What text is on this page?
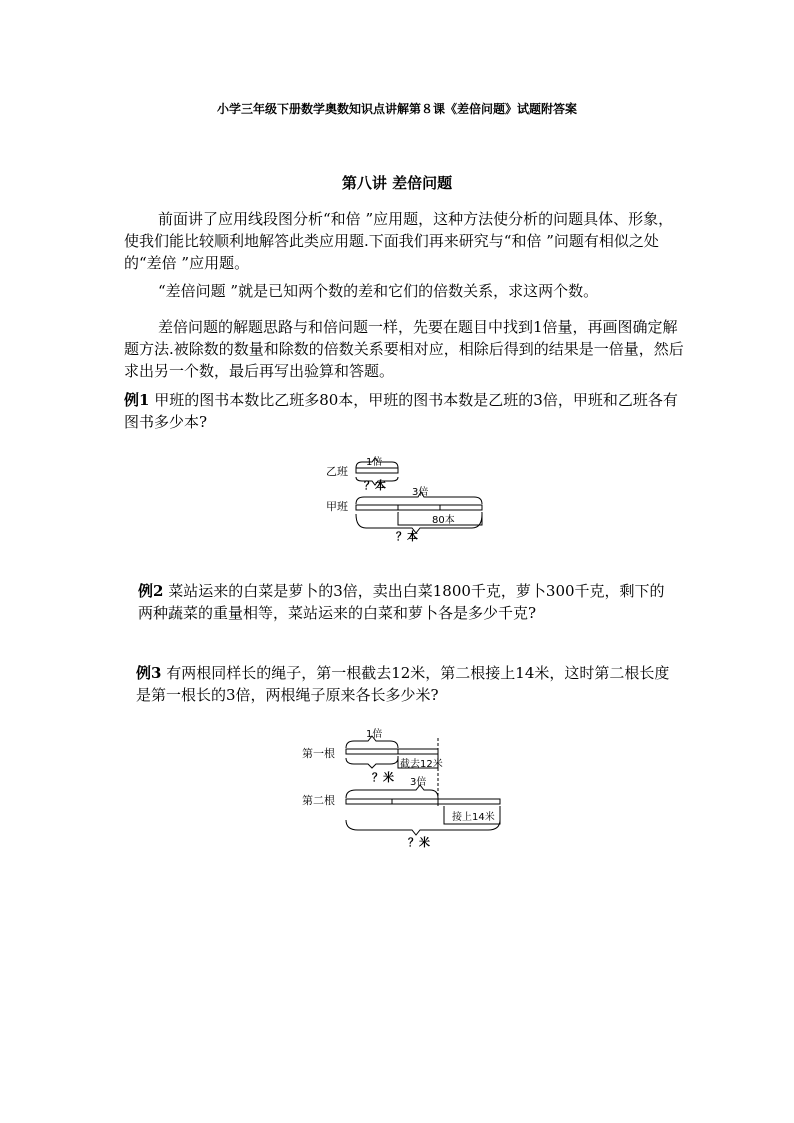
小学三年级下册数学奥数知识点讲解第８课《差倍问题》试题附答案
第八讲 差倍问题
前面讲了应用线段图分析“和倍 ”应用题，这种方法使分析的问题具体、形象，使我们能比较顺利地解答此类应用题.下面我们再来研究与“和倍 ”问题有相似之处的“差倍 ”应用题。
“差倍问题 ”就是已知两个数的差和它们的倍数关系，求这两个数。
差倍问题的解题思路与和倍问题一样，先要在题目中找到1倍量，再画图确定解题方法.被除数的数量和除数的倍数关系要相对应，相除后得到的结果是一倍量，然后求出另一个数，最后再写出验算和答题。
例1 甲班的图书本数比乙班多80本，甲班的图书本数是乙班的3倍，甲班和乙班各有图书多少本?
乙班
甲班
1倍
？本
3倍
80本
？本
例2 菜站运来的白菜是萝卜的3倍，卖出白菜1800千克，萝卜300千克，剩下的两种蔬菜的重量相等，菜站运来的白菜和萝卜各是多少千克?
例3 有两根同样长的绳子，第一根截去12米，第二根接上14米，这时第二根长度是第一根长的3倍，两根绳子原来各长多少米?
第一根
第二根
1倍
截去12米
？米 3倍
接上14米
？米
